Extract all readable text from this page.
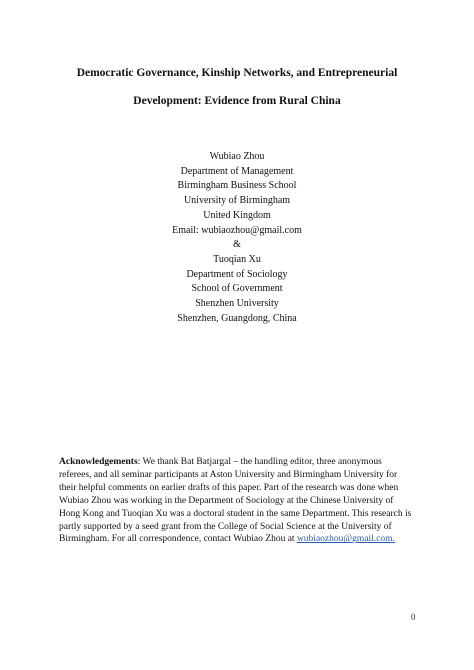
Democratic Governance, Kinship Networks, and Entrepreneurial
Development: Evidence from Rural China
Wubiao Zhou
Department of Management
Birmingham Business School
University of Birmingham
United Kingdom
Email: wubiaozhou@gmail.com
&
Tuoqian Xu
Department of Sociology
School of Government
Shenzhen University
Shenzhen, Guangdong, China
Acknowledgements: We thank Bat Batjargal – the handling editor, three anonymous
referees, and all seminar participants at Aston University and Birmingham University for
their helpful comments on earlier drafts of this paper. Part of the research was done when
Wubiao Zhou was working in the Department of Sociology at the Chinese University of
Hong Kong and Tuoqian Xu was a doctoral student in the same Department. This research is
partly supported by a seed grant from the College of Social Science at the University of
Birmingham. For all correspondence, contact Wubiao Zhou at wubiaozhou@gmail.com.
0
